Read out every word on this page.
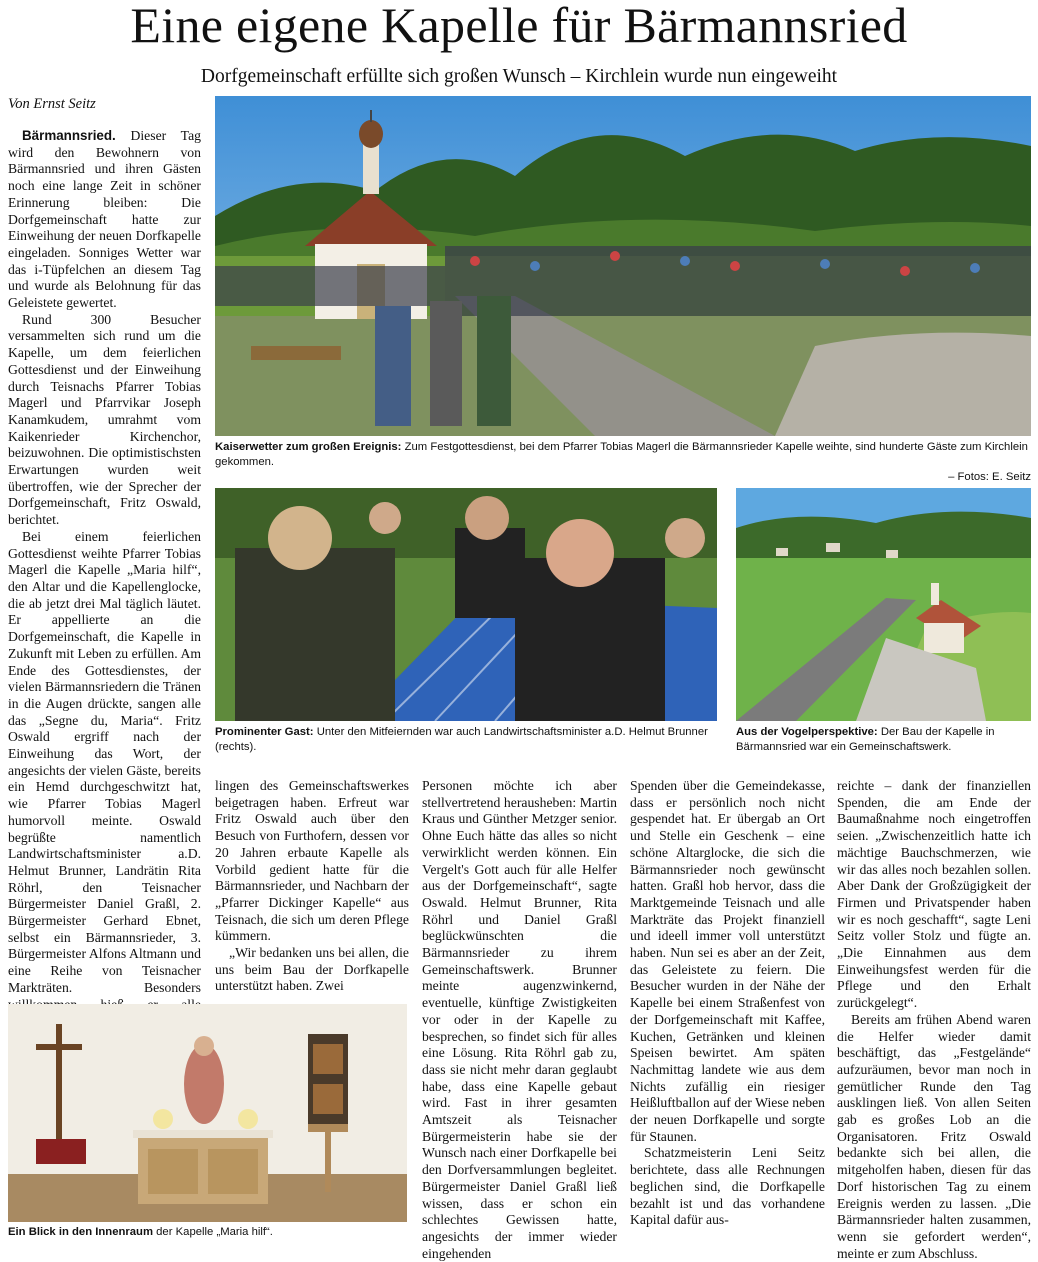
Eine eigene Kapelle für Bärmannsried
Dorfgemeinschaft erfüllte sich großen Wunsch – Kirchlein wurde nun eingeweiht
Von Ernst Seitz

Bärmannsried. Dieser Tag wird den Bewohnern von Bärmannsried und ihren Gästen noch eine lange Zeit in schöner Erinnerung bleiben: Die Dorfgemeinschaft hatte zur Einweihung der neuen Dorfkapelle eingeladen. Sonniges Wetter war das i-Tüpfelchen an diesem Tag und wurde als Belohnung für das Geleistete gewertet.

Rund 300 Besucher versammelten sich rund um die Kapelle, um dem feierlichen Gottesdienst und der Einweihung durch Teisnachs Pfarrer Tobias Magerl und Pfarrvikar Joseph Kanamkudem, umrahmt vom Kaikenrieder Kirchenchor, beizuwohnen. Die optimistischsten Erwartungen wurden weit übertroffen, wie der Sprecher der Dorfgemeinschaft, Fritz Oswald, berichtet.

Bei einem feierlichen Gottesdienst weihte Pfarrer Tobias Magerl die Kapelle „Maria hilf“, den Altar und die Kapellenglocke, die ab jetzt drei Mal täglich läutet. Er appellierte an die Dorfgemeinschaft, die Kapelle in Zukunft mit Leben zu erfüllen. Am Ende des Gottesdienstes, der vielen Bärmannsriedern die Tränen in die Augen drückte, sangen alle das „Segne du, Maria“. Fritz Oswald ergriff nach der Einweihung das Wort, der angesichts der vielen Gäste, bereits ein Hemd durchgeschwitzt hat, wie Pfarrer Tobias Magerl humorvoll meinte. Oswald begrüßte namentlich Landwirtschaftsminister a.D. Helmut Brunner, Landrätin Rita Röhrl, den Teisnacher Bürgermeister Daniel Graßl, 2. Bürgermeister Gerhard Ebnet, selbst ein Bärmannsrieder, 3. Bürgermeister Alfons Altmann und eine Reihe von Teisnacher Markträten. Besonders

Kaiserwetter zum großen Ereignis: Zum Festgottesdienst, bei dem Pfarrer Tobias Magerl die Bärmannsrieder Kapelle weihte, sind hunderte Gäste zum Kirchlein gekommen.
– Fotos: E. Seitz
Prominenter Gast: Unter den Mitfeiernden war auch Landwirtschaftsminister a.D. Helmut Brunner (rechts).
Aus der Vogelperspektive: Der Bau der Kapelle in Bärmannsried war ein Gemeinschaftswerk.

lingen des Gemeinschaftswerkes beigetragen haben. Erfreut war Fritz Oswald auch über den Besuch von Furthofern, dessen vor 20 Jahren erbaute Kapelle als Vorbild gedient hatte für die Bärmannsrieder, und Nachbarn der „Pfarrer Dickinger Kapelle“ aus Teisnach, die sich um deren Pflege kümmern.

„Wir bedanken uns bei allen, die uns beim Bau der Dorfkapelle unterstützt haben. Zwei

Personen möchte ich aber stellvertretend herausheben: Martin Kraus und Günther Metzger senior. Ohne Euch hätte das alles so nicht verwirklicht werden können. Ein Vergelt's Gott auch für alle Helfer aus der Dorfgemeinschaft“, sagte Oswald. Helmut Brunner, Rita Röhrl und Daniel Graßl beglückwünschten die Bärmannsrieder zu ihrem Gemeinschaftswerk. Brunner meinte augenzwinkernd, eventuelle, künftige Zwistigkeiten vor oder in der Kapelle zu besprechen, so findet sich für alles eine Lösung. Rita Röhrl gab zu, dass sie nicht mehr daran geglaubt habe, dass eine Kapelle gebaut wird. Fast in ihrer gesamten Amtszeit als Teisnacher Bürgermeisterin habe sie der Wunsch nach einer Dorfkapelle bei den Dorfversammlungen begleitet. Bürgermeister Daniel Graßl ließ wissen, dass er schon ein schlechtes Gewissen hatte, angesichts der immer wieder eingehenden

Spenden über die Gemeindekasse, dass er persönlich noch nicht gespendet hat. Er übergab an Ort und Stelle ein Geschenk – eine schöne Altarglocke, die sich die Bärmannsrieder noch gewünscht hatten. Graßl hob hervor, dass die Marktgemeinde Teisnach und alle Markträte das Projekt finanziell und ideell immer voll unterstützt haben. Nun sei es aber an der Zeit, das Geleistete zu feiern. Die Besucher wurden in der Nähe der Kapelle bei einem Straßenfest von der Dorfgemeinschaft mit Kaffee, Kuchen, Getränken und kleinen Speisen bewirtet. Am späten Nachmittag landete wie aus dem Nichts zufällig ein riesiger Heißluftballon auf der Wiese neben der neuen Dorfkapelle und sorgte für Staunen.

Schatzmeisterin Leni Seitz berichtete, dass alle Rechnungen beglichen sind, die Dorfkapelle bezahlt ist und das vorhandene Kapital dafür aus-

reichte – dank der finanziellen Spenden, die am Ende der Baumaßnahme noch eingetroffen seien. „Zwischenzeitlich hatte ich mächtige Bauchschmerzen, wie wir das alles noch bezahlen sollen. Aber Dank der Großzügigkeit der Firmen und Privatspender haben wir es noch geschafft“, sagte Leni Seitz voller Stolz und fügte an. „Die Einnahmen aus dem Einweihungsfest werden für die Pflege und den Erhalt zurückgelegt“.

Bereits am frühen Abend waren die Helfer wieder damit beschäftigt, das „Festgelände“ aufzuräumen, bevor man noch in gemütlicher Runde den Tag ausklingen ließ. Von allen Seiten gab es großes Lob an die Organisatoren. Fritz Oswald bedankte sich bei allen, die mitgeholfen haben, diesen für das Dorf historischen Tag zu einem Ereignis werden zu lassen. „Die Bärmannsrieder halten zusammen, wenn sie gefordert werden“, meinte er zum Abschluss.

Ein Blick in den Innenraum der Kapelle „Maria hilf“.
